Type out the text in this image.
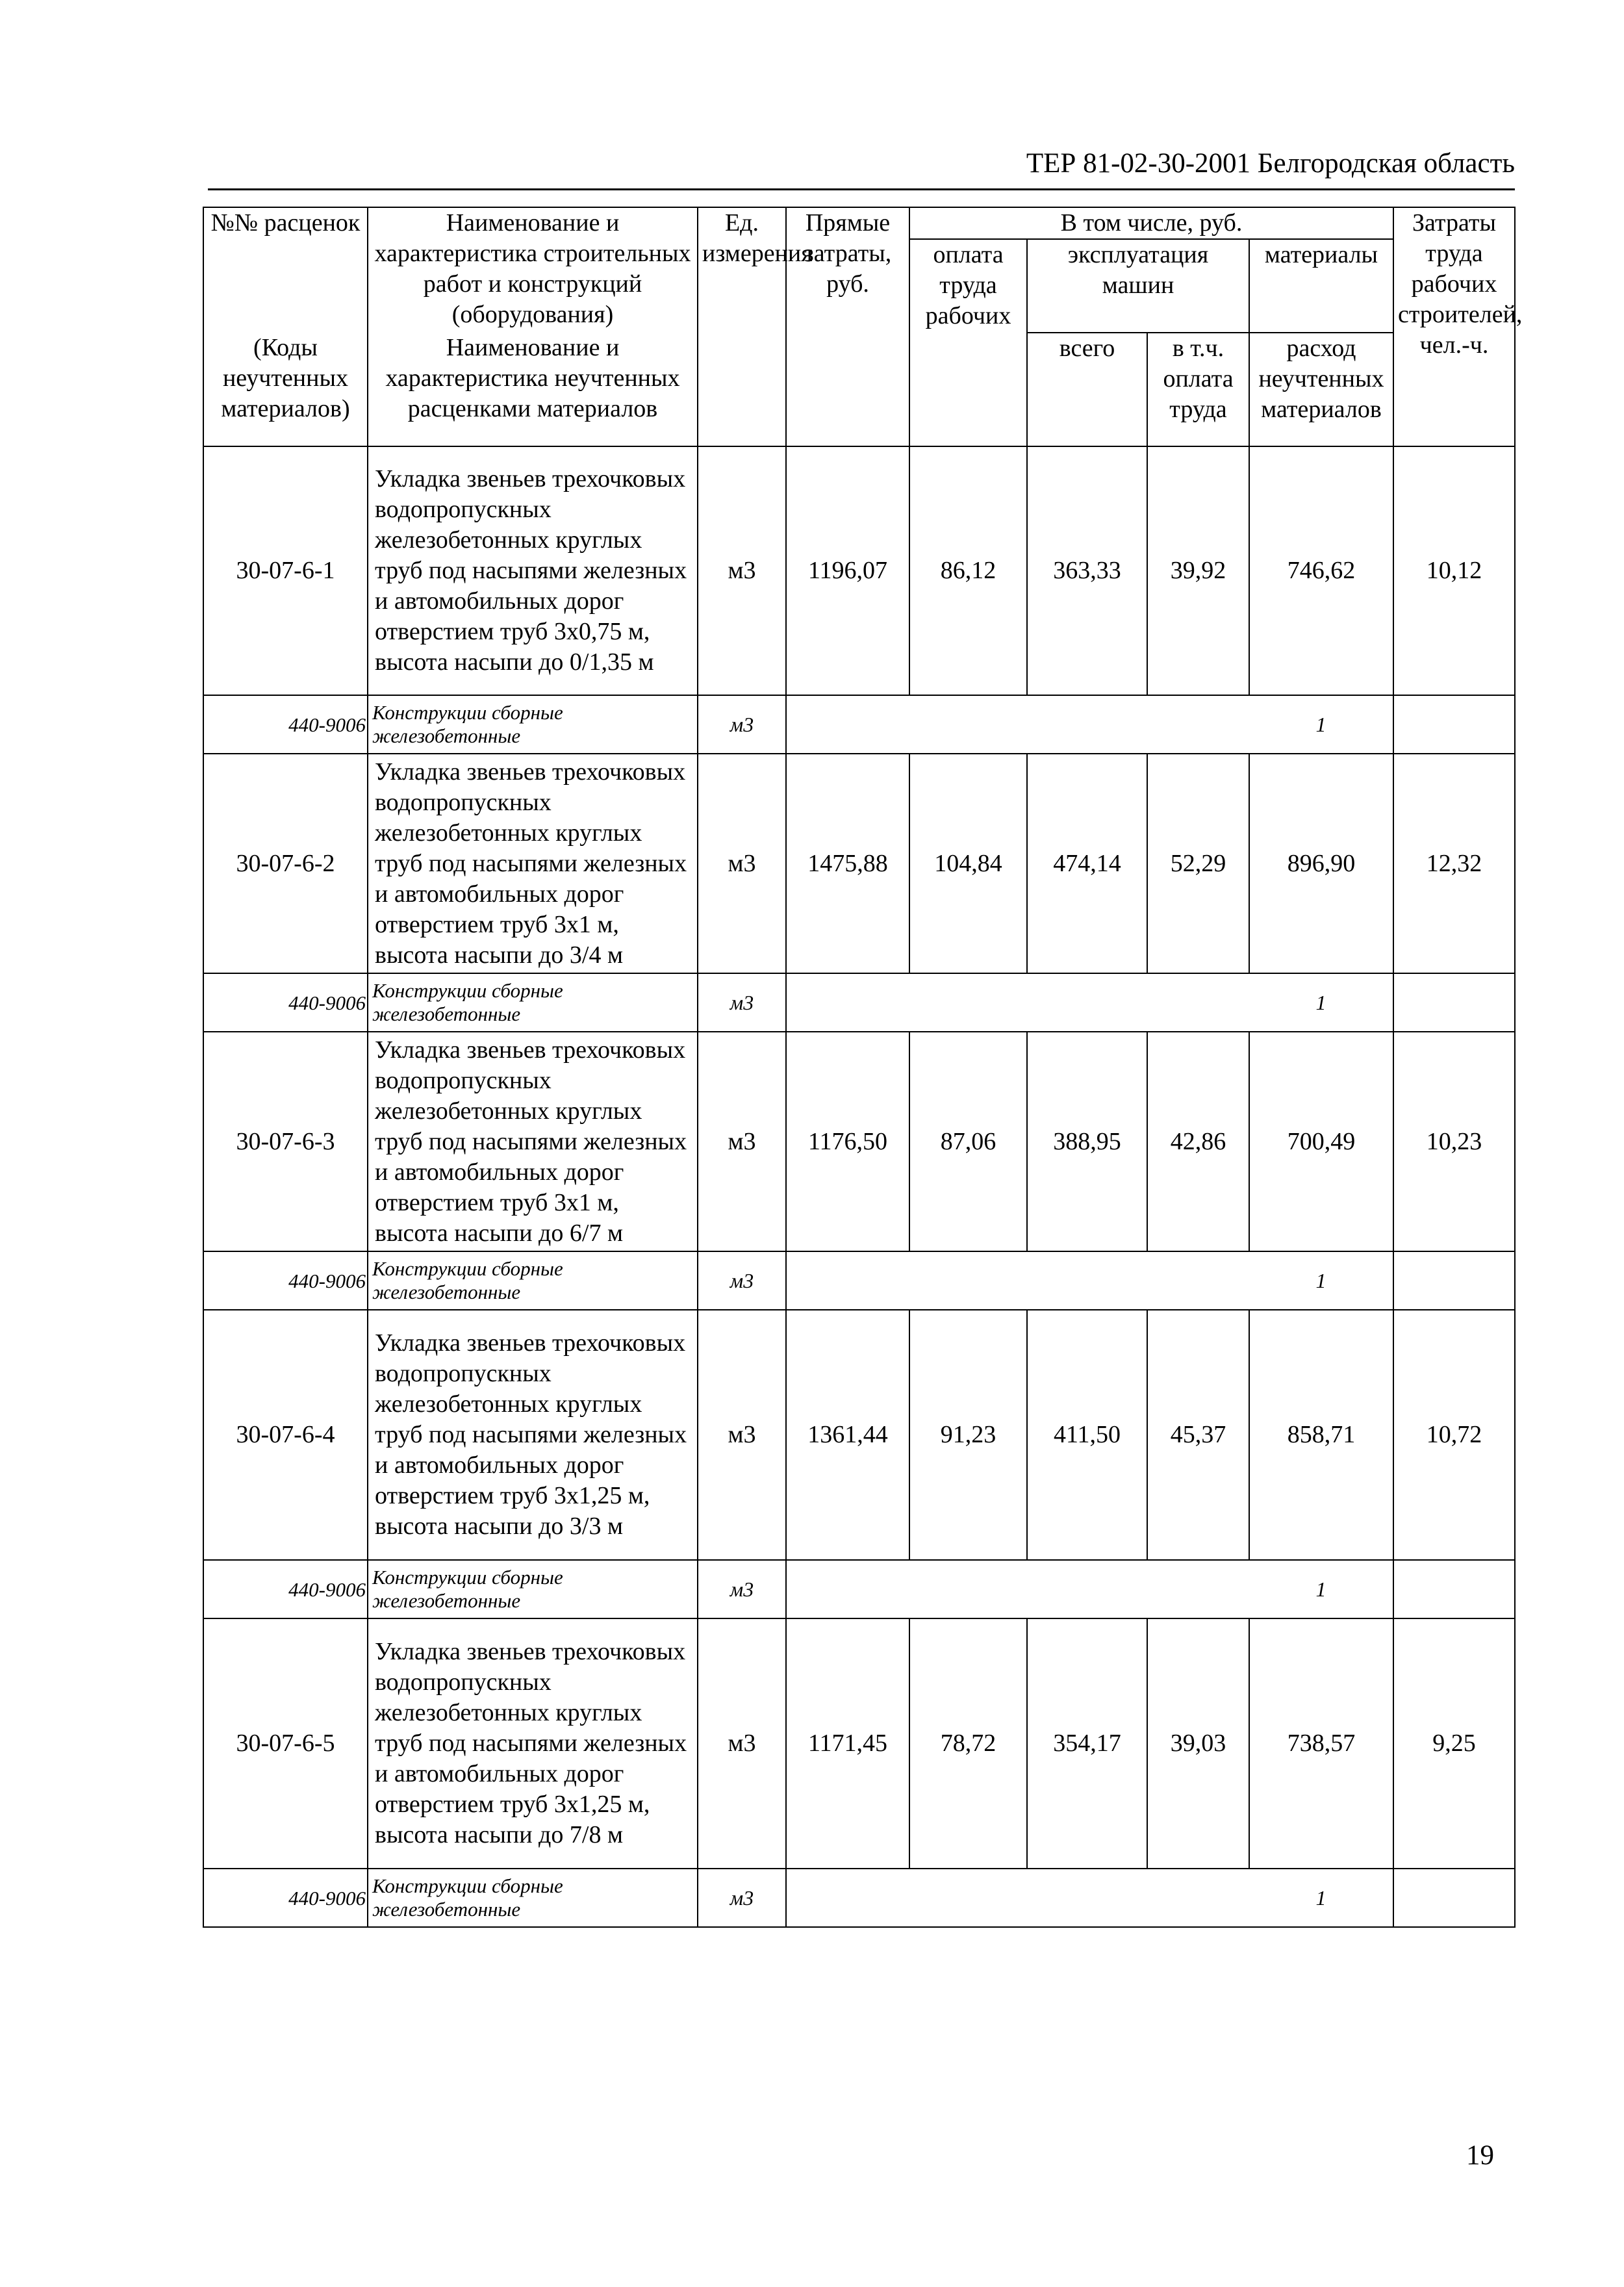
ТЕР 81-02-30-2001 Белгородская область
№№ расценок	Наименование и характеристика строительных работ и конструкций (оборудования)	Ед. измерения	Прямые затраты, руб.	В том числе, руб.				Затраты труда рабочих строителей, чел.-ч.
				оплата труда рабочих	эксплуатация машин		материалы	

(Коды неучтенных материалов)	Наименование и характеристика неучтенных расценками материалов				всего	в т.ч. оплата труда	расход неучтенных материалов	

30-07-6-1	Укладка звеньев трехочковых водопропускных железобетонных круглых труб под насыпями железных и автомобильных дорог отверстием труб 3х0,75 м, высота насыпи до 0/1,35 м	м3	1196,07	86,12	363,33	39,92	746,62	10,12
440-9006	Конструкции сборные железобетонные	м3					1	
30-07-6-2	Укладка звеньев трехочковых водопропускных железобетонных круглых труб под насыпями железных и автомобильных дорог отверстием труб 3х1 м, высота насыпи до 3/4 м	м3	1475,88	104,84	474,14	52,29	896,90	12,32
440-9006	Конструкции сборные железобетонные	м3					1	
30-07-6-3	Укладка звеньев трехочковых водопропускных железобетонных круглых труб под насыпями железных и автомобильных дорог отверстием труб 3х1 м, высота насыпи до 6/7 м	м3	1176,50	87,06	388,95	42,86	700,49	10,23
440-9006	Конструкции сборные железобетонные	м3					1	
30-07-6-4	Укладка звеньев трехочковых водопропускных железобетонных круглых труб под насыпями железных и автомобильных дорог отверстием труб 3х1,25 м, высота насыпи до 3/3 м	м3	1361,44	91,23	411,50	45,37	858,71	10,72
440-9006	Конструкции сборные железобетонные	м3					1	
30-07-6-5	Укладка звеньев трехочковых водопропускных железобетонных круглых труб под насыпями железных и автомобильных дорог отверстием труб 3х1,25 м, высота насыпи до 7/8 м	м3	1171,45	78,72	354,17	39,03	738,57	9,25
440-9006	Конструкции сборные железобетонные	м3					1	
19
